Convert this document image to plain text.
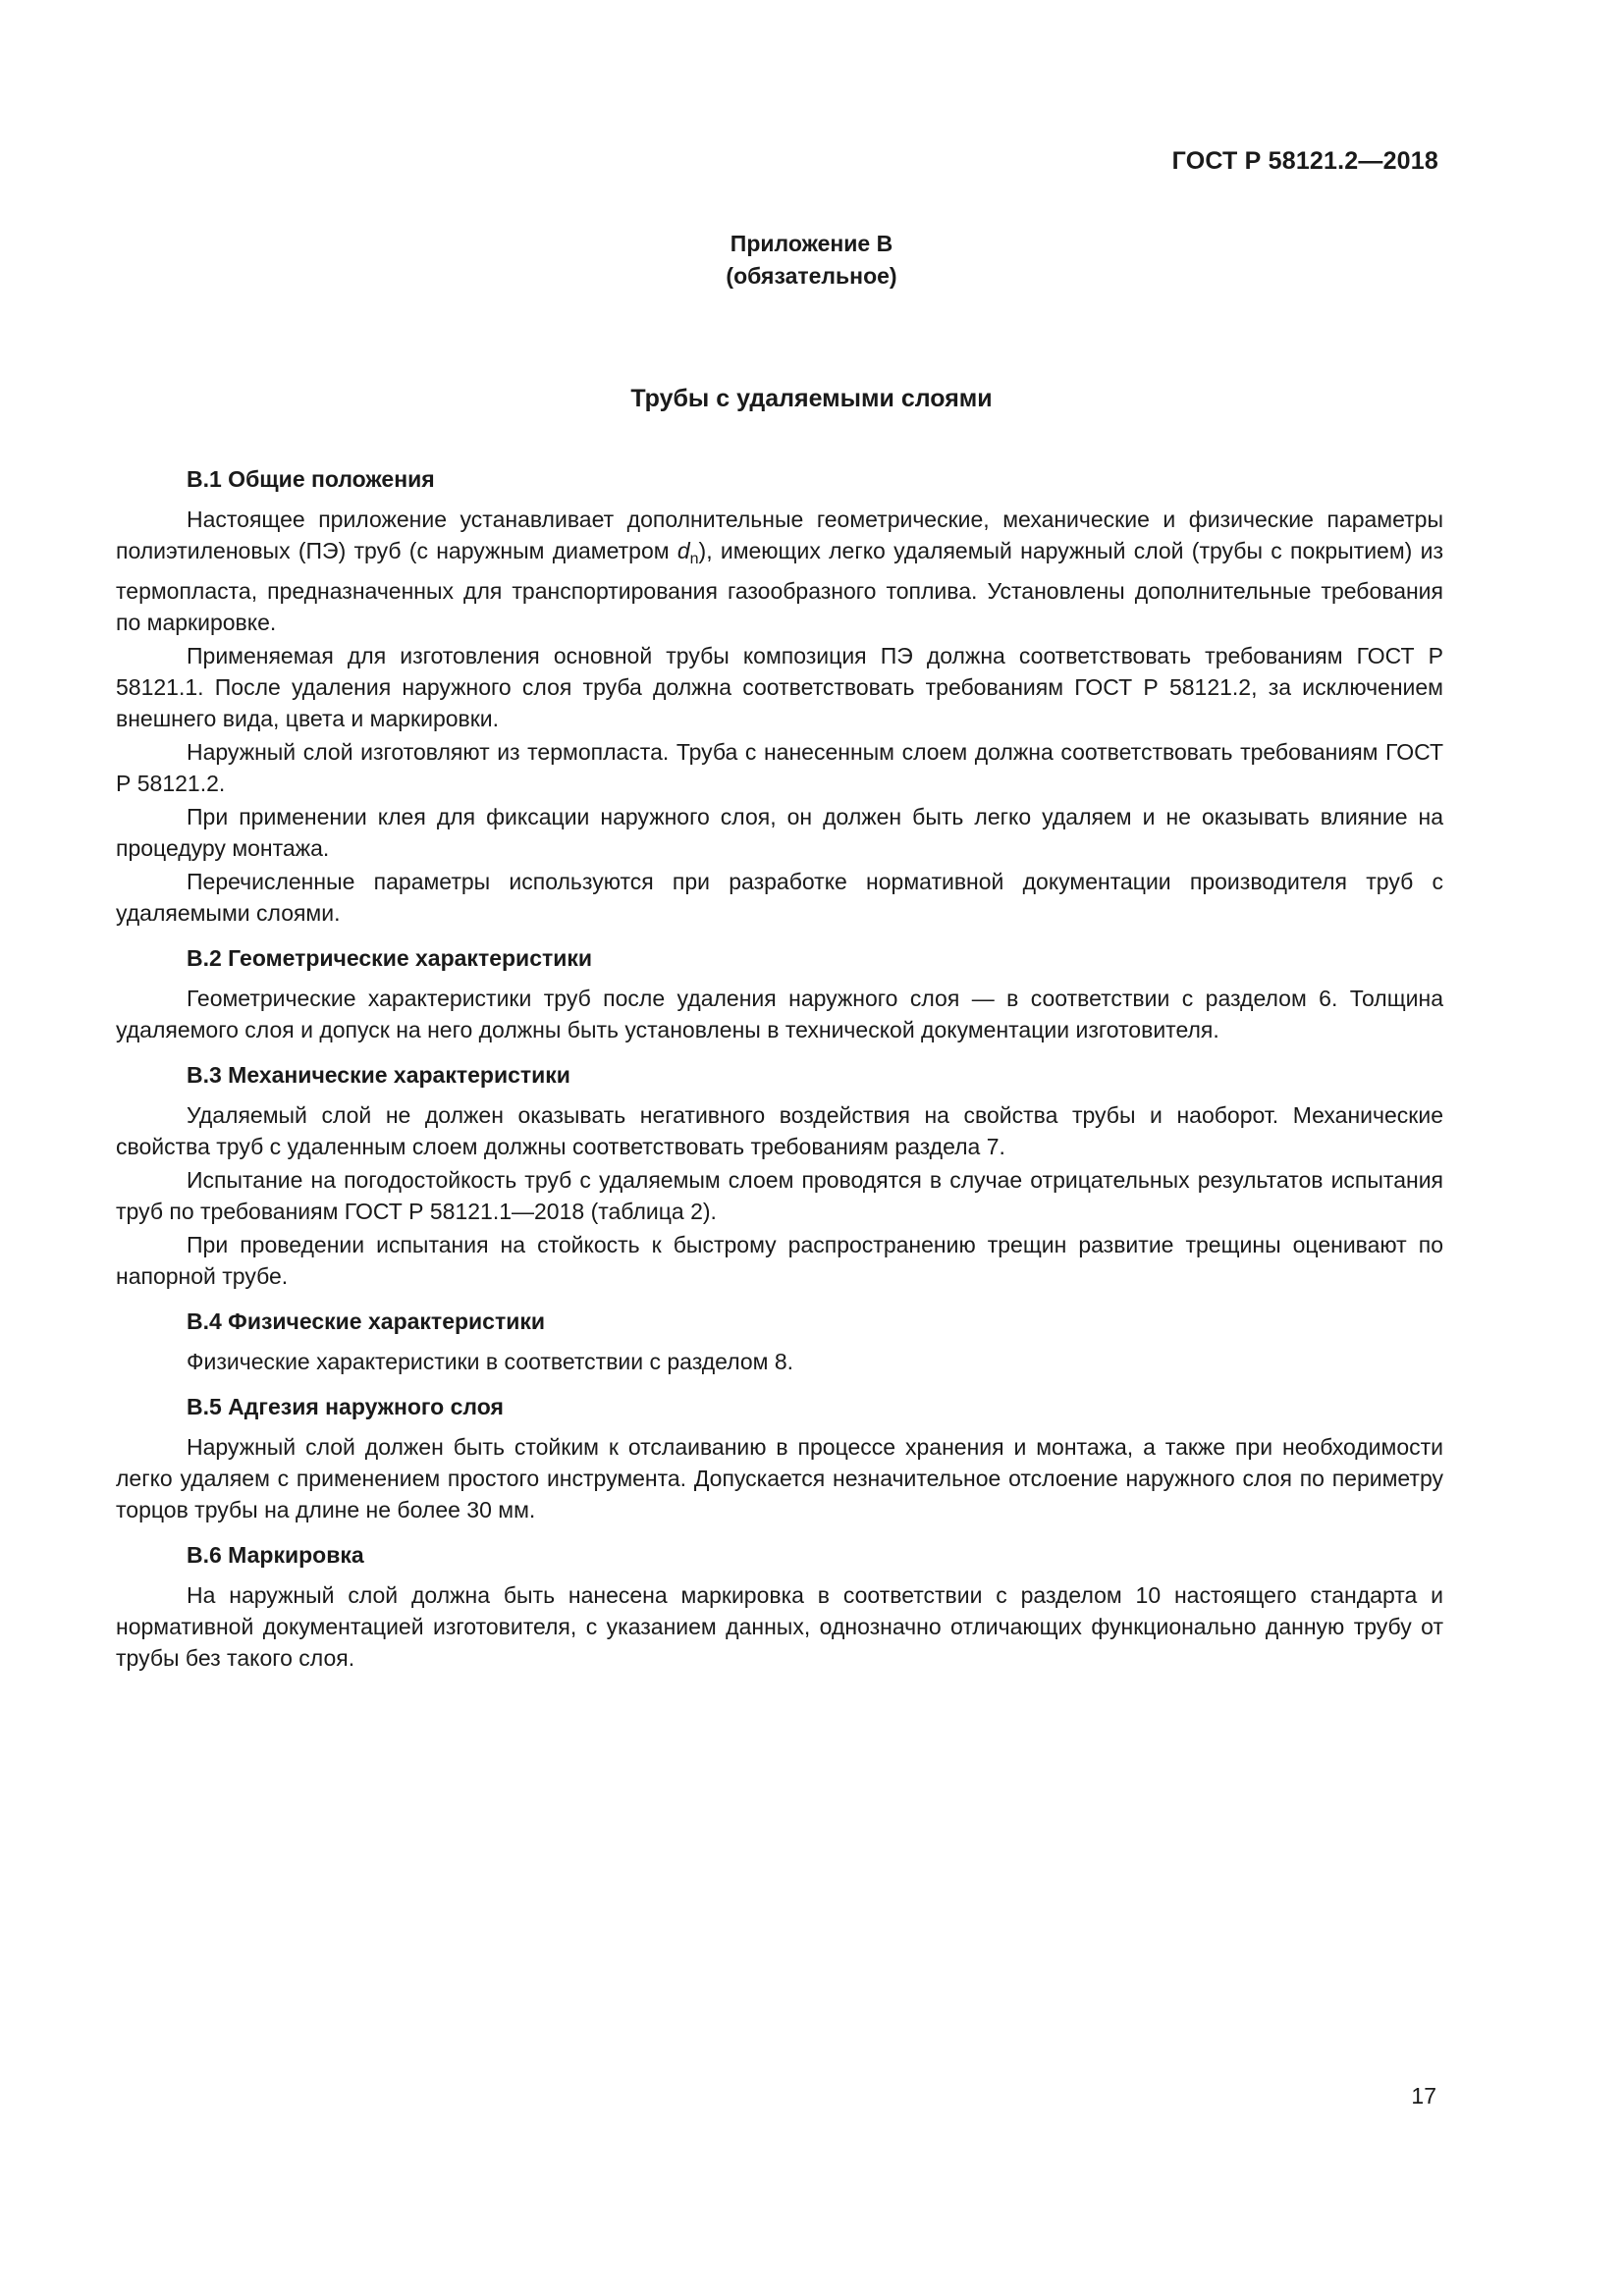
ГОСТ Р 58121.2—2018
Приложение В
(обязательное)
Трубы с удаляемыми слоями
В.1 Общие положения

Настоящее приложение устанавливает дополнительные геометрические, механические и физические параметры полиэтиленовых (ПЭ) труб (с наружным диаметром $d_n$), имеющих легко удаляемый наружный слой (трубы с покрытием) из термопласта, предназначенных для транспортирования газообразного топлива. Установлены дополнительные требования по маркировке.

Применяемая для изготовления основной трубы композиция ПЭ должна соответствовать требованиям ГОСТ Р 58121.1. После удаления наружного слоя труба должна соответствовать требованиям ГОСТ Р 58121.2, за исключением внешнего вида, цвета и маркировки.

Наружный слой изготовляют из термопласта. Труба с нанесенным слоем должна соответствовать требованиям ГОСТ Р 58121.2.

При применении клея для фиксации наружного слоя, он должен быть легко удаляем и не оказывать влияние на процедуру монтажа.

Перечисленные параметры используются при разработке нормативной документации производителя труб с удаляемыми слоями.

В.2 Геометрические характеристики

Геометрические характеристики труб после удаления наружного слоя — в соответствии с разделом 6. Толщина удаляемого слоя и допуск на него должны быть установлены в технической документации изготовителя.

В.3 Механические характеристики

Удаляемый слой не должен оказывать негативного воздействия на свойства трубы и наоборот. Механические свойства труб с удаленным слоем должны соответствовать требованиям раздела 7.

Испытание на погодостойкость труб с удаляемым слоем проводятся в случае отрицательных результатов испытания труб по требованиям ГОСТ Р 58121.1—2018 (таблица 2).

При проведении испытания на стойкость к быстрому распространению трещин развитие трещины оценивают по напорной трубе.

В.4 Физические характеристики

Физические характеристики в соответствии с разделом 8.

В.5 Адгезия наружного слоя

Наружный слой должен быть стойким к отслаиванию в процессе хранения и монтажа, а также при необходимости легко удаляем с применением простого инструмента. Допускается незначительное отслоение наружного слоя по периметру торцов трубы на длине не более 30 мм.

В.6 Маркировка

На наружный слой должна быть нанесена маркировка в соответствии с разделом 10 настоящего стандарта и нормативной документацией изготовителя, с указанием данных, однозначно отличающих функционально данную трубу от трубы без такого слоя.

17
